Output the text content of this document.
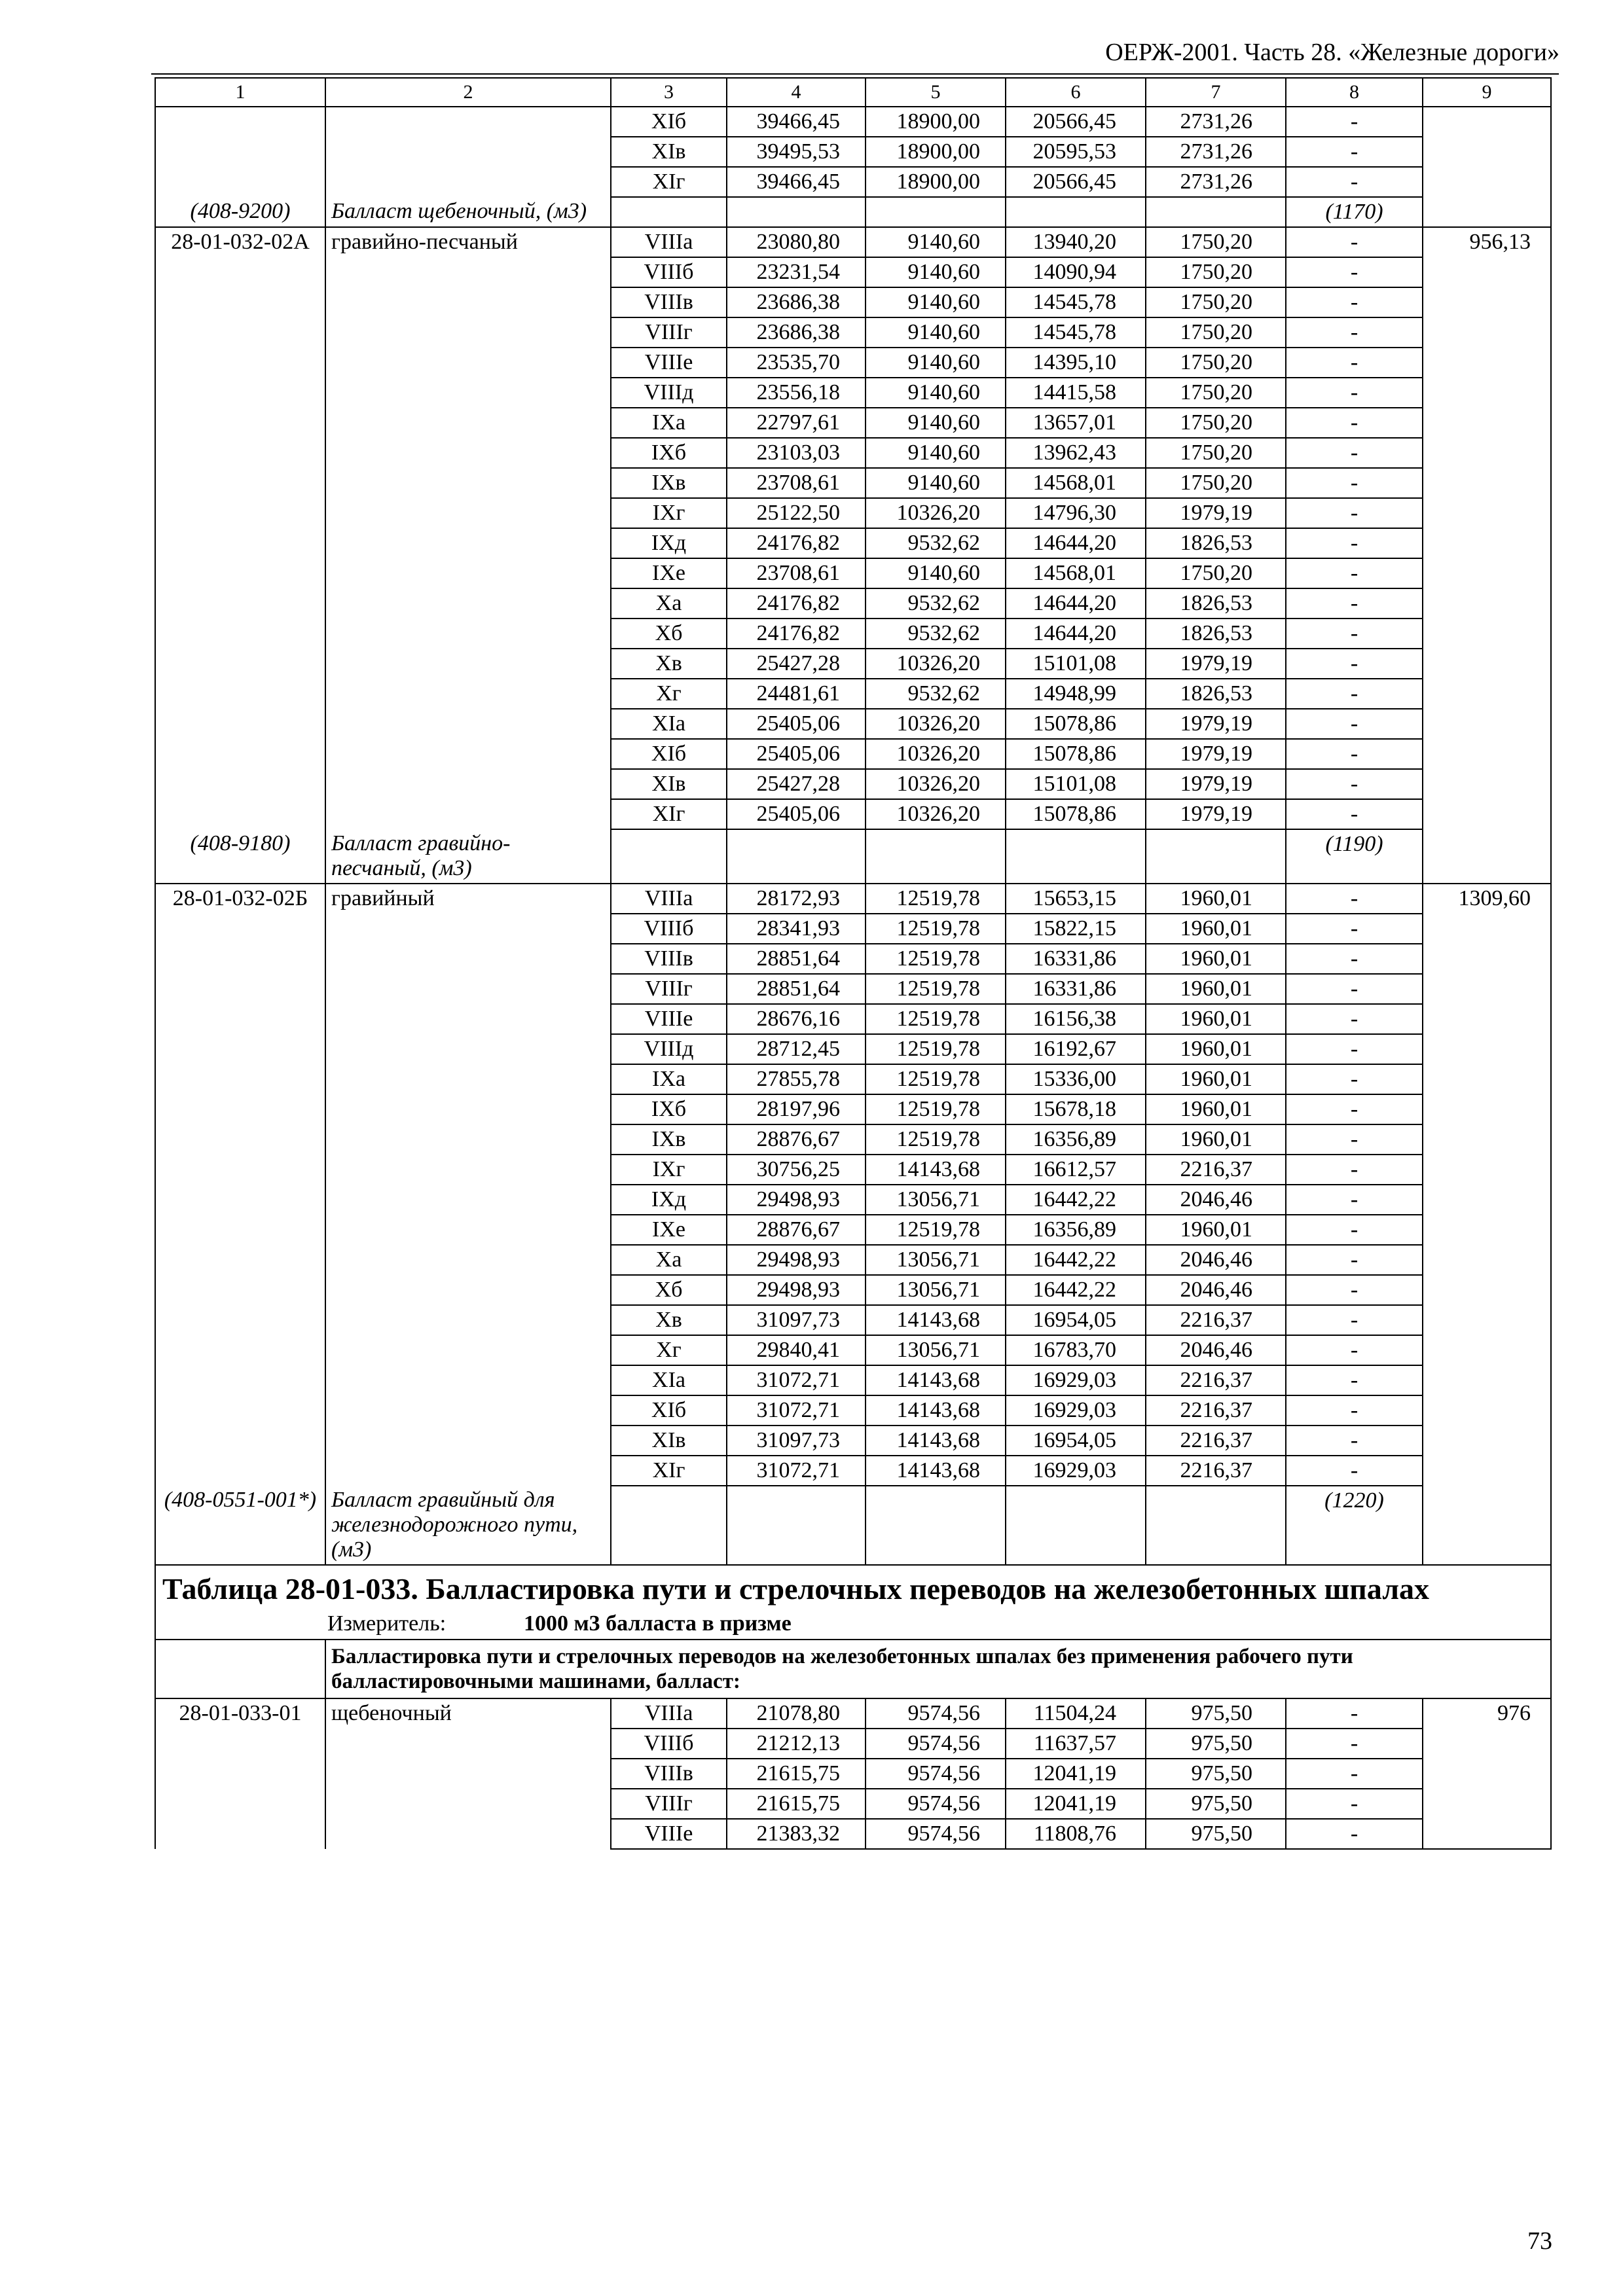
ОЕРЖ-2001. Часть 28. «Железные дороги»
1	2	3	4	5	6	7	8	9
		XIб	39466,45	18900,00	20566,45	2731,26	-	
		XIв	39495,53	18900,00	20595,53	2731,26	-	
		XIг	39466,45	18900,00	20566,45	2731,26	-	
(408-9200)	Балласт щебеночный, (м3)						(1170)	
28-01-032-02А	гравийно-песчаный	VIIIа	23080,80	9140,60	13940,20	1750,20	-	956,13
		VIIIб	23231,54	9140,60	14090,94	1750,20	-	
		VIIIв	23686,38	9140,60	14545,78	1750,20	-	
		VIIIг	23686,38	9140,60	14545,78	1750,20	-	
		VIIIе	23535,70	9140,60	14395,10	1750,20	-	
		VIIIд	23556,18	9140,60	14415,58	1750,20	-	
		IXа	22797,61	9140,60	13657,01	1750,20	-	
		IXб	23103,03	9140,60	13962,43	1750,20	-	
		IXв	23708,61	9140,60	14568,01	1750,20	-	
		IXг	25122,50	10326,20	14796,30	1979,19	-	
		IXд	24176,82	9532,62	14644,20	1826,53	-	
		IXе	23708,61	9140,60	14568,01	1750,20	-	
		Xа	24176,82	9532,62	14644,20	1826,53	-	
		Xб	24176,82	9532,62	14644,20	1826,53	-	
		Xв	25427,28	10326,20	15101,08	1979,19	-	
		Xг	24481,61	9532,62	14948,99	1826,53	-	
		XIа	25405,06	10326,20	15078,86	1979,19	-	
		XIб	25405,06	10326,20	15078,86	1979,19	-	
		XIв	25427,28	10326,20	15101,08	1979,19	-	
		XIг	25405,06	10326,20	15078,86	1979,19	-	
(408-9180)	Балласт гравийно-песчаный, (м3)						(1190)	
28-01-032-02Б	гравийный	VIIIа	28172,93	12519,78	15653,15	1960,01	-	1309,60
		VIIIб	28341,93	12519,78	15822,15	1960,01	-	
		VIIIв	28851,64	12519,78	16331,86	1960,01	-	
		VIIIг	28851,64	12519,78	16331,86	1960,01	-	
		VIIIе	28676,16	12519,78	16156,38	1960,01	-	
		VIIIд	28712,45	12519,78	16192,67	1960,01	-	
		IXа	27855,78	12519,78	15336,00	1960,01	-	
		IXб	28197,96	12519,78	15678,18	1960,01	-	
		IXв	28876,67	12519,78	16356,89	1960,01	-	
		IXг	30756,25	14143,68	16612,57	2216,37	-	
		IXд	29498,93	13056,71	16442,22	2046,46	-	
		IXе	28876,67	12519,78	16356,89	1960,01	-	
		Xа	29498,93	13056,71	16442,22	2046,46	-	
		Xб	29498,93	13056,71	16442,22	2046,46	-	
		Xв	31097,73	14143,68	16954,05	2216,37	-	
		Xг	29840,41	13056,71	16783,70	2046,46	-	
		XIа	31072,71	14143,68	16929,03	2216,37	-	
		XIб	31072,71	14143,68	16929,03	2216,37	-	
		XIв	31097,73	14143,68	16954,05	2216,37	-	
		XIг	31072,71	14143,68	16929,03	2216,37	-	
(408-0551-001*)	Балласт гравийный для железнодорожного пути, (м3)						(1220)	
Таблица 28-01-033. Балластировка пути и стрелочных переводов на железобетонных шпалах								
Измеритель: 1000 м3 балласта в призме								
	Балластировка пути и стрелочных переводов на железобетонных шпалах без применения рабочего пути балластировочными машинами, балласт:							
28-01-033-01	щебеночный	VIIIа	21078,80	9574,56	11504,24	975,50	-	976
		VIIIб	21212,13	9574,56	11637,57	975,50	-	
		VIIIв	21615,75	9574,56	12041,19	975,50	-	
		VIIIг	21615,75	9574,56	12041,19	975,50	-	
		VIIIе	21383,32	9574,56	11808,76	975,50	-	
73
